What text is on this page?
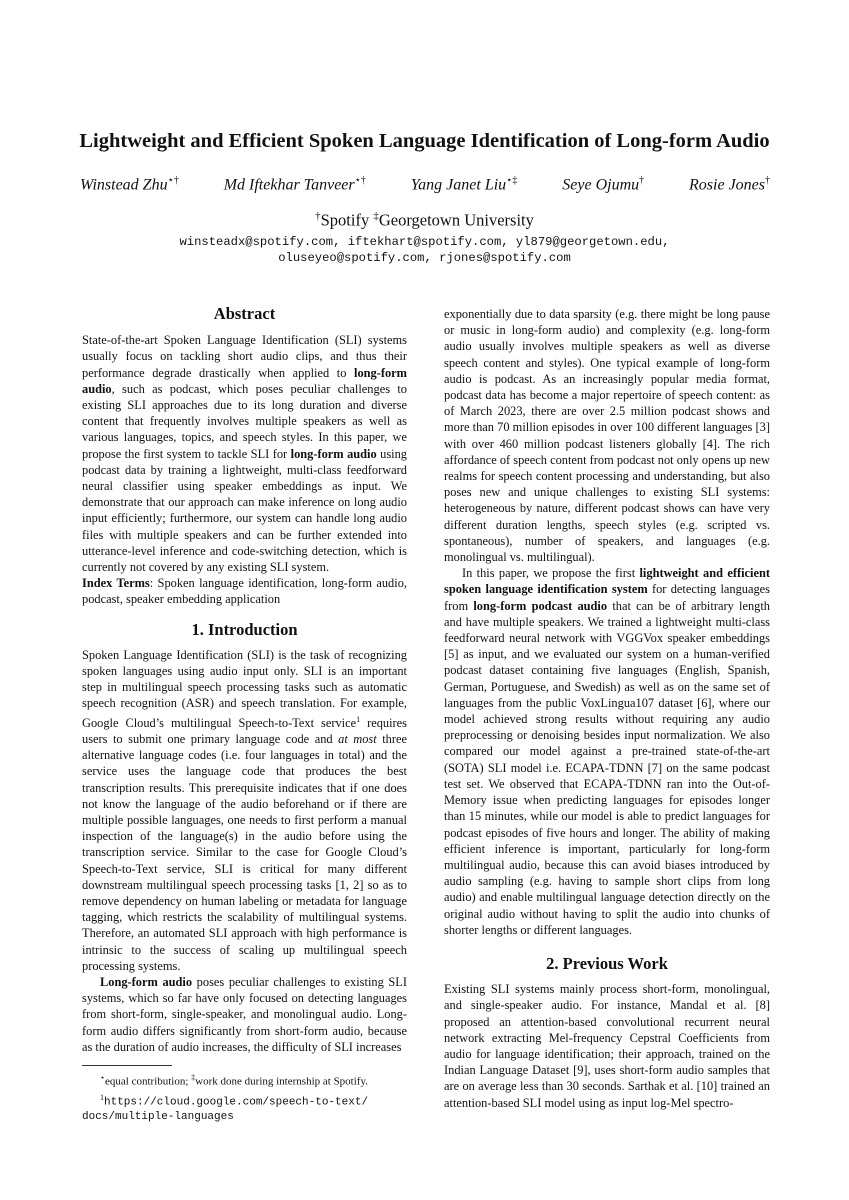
Lightweight and Efficient Spoken Language Identification of Long-form Audio
Winstead Zhu⋆†	Md Iftekhar Tanveer⋆†	Yang Janet Liu⋆‡	Seye Ojumu†	Rosie Jones†
†Spotify ‡Georgetown University
winsteadx@spotify.com, iftekhart@spotify.com, yl879@georgetown.edu,
oluseyeo@spotify.com, rjones@spotify.com
Abstract

State-of-the-art Spoken Language Identification (SLI) systems usually focus on tackling short audio clips, and thus their performance degrade drastically when applied to long-form audio, such as podcast, which poses peculiar challenges to existing SLI approaches due to its long duration and diverse content that frequently involves multiple speakers as well as various languages, topics, and speech styles. In this paper, we propose the first system to tackle SLI for long-form audio using podcast data by training a lightweight, multi-class feedforward neural classifier using speaker embeddings as input. We demonstrate that our approach can make inference on long audio input efficiently; furthermore, our system can handle long audio files with multiple speakers and can be further extended into utterance-level inference and code-switching detection, which is currently not covered by any existing SLI system.

Index Terms: Spoken language identification, long-form audio, podcast, speaker embedding application

1. Introduction

Spoken Language Identification (SLI) is the task of recognizing spoken languages using audio input only. SLI is an important step in multilingual speech processing tasks such as automatic speech recognition (ASR) and speech translation. For example, Google Cloud’s multilingual Speech-to-Text service$^1$ requires users to submit one primary language code and at most three alternative language codes (i.e. four languages in total) and the service uses the language code that produces the best transcription results. This prerequisite indicates that if one does not know the language of the audio beforehand or if there are multiple possible languages, one needs to first perform a manual inspection of the language(s) in the audio before using the transcription service. Similar to the case for Google Cloud’s Speech-to-Text service, SLI is critical for many different downstream multilingual speech processing tasks [1, 2] so as to remove dependency on human labeling or metadata for language tagging, which restricts the scalability of multilingual systems. Therefore, an automated SLI approach with high performance is intrinsic to the success of scaling up multilingual speech processing systems.

Long-form audio poses peculiar challenges to existing SLI systems, which so far have only focused on detecting languages from short-form, single-speaker, and monolingual audio. Long-form audio differs significantly from short-form audio, because as the duration of audio increases, the difficulty of SLI increases

⋆equal contribution; ‡work done during internship at Spotify.
$^1$https://cloud.google.com/speech-to-text/
docs/multiple-languages

exponentially due to data sparsity (e.g. there might be long pause or music in long-form audio) and complexity (e.g. long-form audio usually involves multiple speakers as well as diverse speech content and styles). One typical example of long-form audio is podcast. As an increasingly popular media format, podcast data has become a major repertoire of speech content: as of March 2023, there are over 2.5 million podcast shows and more than 70 million episodes in over 100 different languages [3] with over 460 million podcast listeners globally [4]. The rich affordance of speech content from podcast not only opens up new realms for speech content processing and understanding, but also poses new and unique challenges to existing SLI systems: heterogeneous by nature, different podcast shows can have very different duration lengths, speech styles (e.g. scripted vs. spontaneous), number of speakers, and languages (e.g. monolingual vs. multilingual).

In this paper, we propose the first lightweight and efficient spoken language identification system for detecting languages from long-form podcast audio that can be of arbitrary length and have multiple speakers. We trained a lightweight multi-class feedforward neural network with VGGVox speaker embeddings [5] as input, and we evaluated our system on a human-verified podcast dataset containing five languages (English, Spanish, German, Portuguese, and Swedish) as well as on the same set of languages from the public VoxLingua107 dataset [6], where our model achieved strong results without requiring any audio preprocessing or denoising besides input normalization. We also compared our model against a pre-trained state-of-the-art (SOTA) SLI model i.e. ECAPA-TDNN [7] on the same podcast test set. We observed that ECAPA-TDNN ran into the Out-of-Memory issue when predicting languages for episodes longer than 15 minutes, while our model is able to predict languages for podcast episodes of five hours and longer. The ability of making efficient inference is important, particularly for long-form multilingual audio, because this can avoid biases introduced by audio sampling (e.g. having to sample short clips from long audio) and enable multilingual language detection directly on the original audio without having to split the audio into chunks of shorter lengths or different languages.

2. Previous Work

Existing SLI systems mainly process short-form, monolingual, and single-speaker audio. For instance, Mandal et al. [8] proposed an attention-based convolutional recurrent neural network extracting Mel-frequency Cepstral Coefficients from audio for language identification; their approach, trained on the Indian Language Dataset [9], uses short-form audio samples that are on average less than 30 seconds. Sarthak et al. [10] trained an attention-based SLI model using as input log-Mel spectro-
